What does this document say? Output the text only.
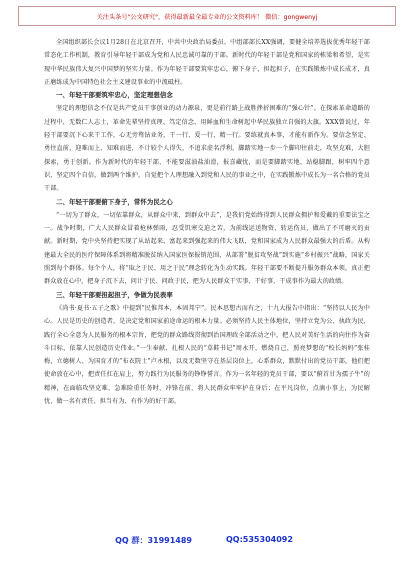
关注头条号"公文研究"，获得最新最全最专业的公文资料库！ 微信：gongwenyj

全国组织部长会议1月28日在北京召开，中共中央政治局委员、中组部部长XX强调，要健全培养选拔优秀年轻干部常态化工作机制，教育引导年轻干部成为党和人民忠诚可靠的干部。新时代的年轻干部是党和国家的栋梁和希望，是实现中华民族伟大复兴中国梦的坚实力量。作为年轻干部要筑牢忠心，俯下身子、担起担子，在实践锻炼中成长成才，真正磨练成为中国特色社会主义建设事业的中流砥柱。

一、年轻干部要筑牢忠心，坚定理想信念

坚定的理想信念不仅是共产党员干事创业的动力源泉，更是前行路上战胜挫折困难的“强心针”。在探索革命道路的过程中，无数仁人志士，革命先辈坚持真理、笃定信念、用鲜血和生命树起中华民族独立自强的大旗。XXX曾说过，年轻干部要沉下心来干工作，心无旁骛钻业务，干一行、爱一行、精一行。要练就真本事，才能有新作为。要信念坚定、勇往直前，迎难而上、知难而进，不计较个人得失，不追求虚名浮利，脚踏实地一步一个脚印往前走，攻坚克难，大胆探索，勇于创新。作为新时代的年轻干部，不能要滋油盐油滑，报喜藏忧，而是要脚踏实地、站稳脚跟，树牢四个意识，坚定四个自信，做到两个维护，自觉把个人理想融入到党和人民的事业之中，在实践锻炼中成长为一名合格的党员干部。

二、年轻干部要俯下身子，常怀为民之心

“一切为了群众，一切依靠群众，从群众中来，到群众中去”，是我们党始终得到人民群众拥护和爱戴的重要法宝之一。战争时期，广大人民群众冒着枪林弹雨，忍受饥寒交迫之苦，为前线运送物资、转运伤员，做出了不可磨灭的贡献。新时期，党中央坚持把实现了从站起来、富起来到强起来的伟大飞跃，党和国家成为人民群众最强大的后盾。从构建最大全民的医疗保障体系到将精准脱贫纳入国家医保报销范围，从部署“脱贫攻坚战”到实施“乡村振兴”战略，国家关照到每个群体。每个个人，将“取之于民、用之于民”理念转化为生动实践。年轻干部要不断提升服务群众本领，真正把群众放在心中，把身子沉下去，问计于民、问政于民，把为人民群众干实事、干好事，干成事作为最大的政绩。

三、年轻干部要担起担子，争做为民表率

《尚书·夏书·五子之歌》中提到“民惟邦本，本固邦宁”。民本思想古而有之，十九大报告中指出：“坚持以人民为中心。人民是历史的创造者，是决定党和国家前途命运的根本力量。必须坚持人民主体地位，坚持立党为公、执政为民，践行全心全意为人民服务的根本宗旨，把党的群众路线贯彻到治国理政全部活动之中，把人民对美好生活的向往作为奋斗目标，依靠人民创造历史伟业。”一生奉献、扎根人民的“草鞋书记”周永开，燃烧自己，照亮梦想的“校长妈妈”张桂梅，立德树人、为国育才的“布衣院士”卢永根，以及无数坚守在基层岗位上，心系群众，默默付出的党员干部，他们把使命放在心中，把责任扛在肩上，努力践行为民服务的铮铮誓言。作为一名年轻的党员干部，要以“俯首甘为孺子牛”的精神，在面临攻坚克难、急难险重任务时，冲锋在前，将人民群众牢牢护在身后；在平凡岗位，点滴小事上，为民解忧，做一名有责任、担当有为、有作为的好干部。

QQ 群：31991489	QQ:535304092
